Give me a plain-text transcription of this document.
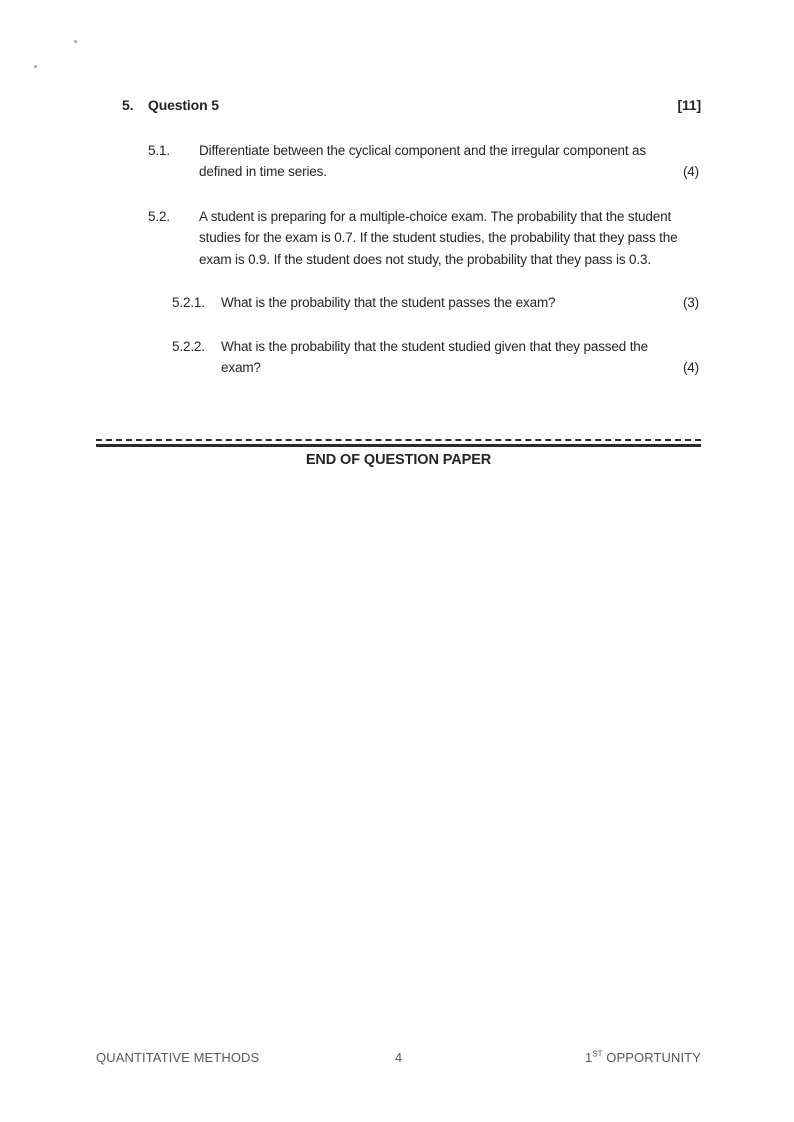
5.	Question 5	[11]
5.1.	Differentiate between the cyclical component and the irregular component as
defined in time series.	(4)
5.2.	A student is preparing for a multiple-choice exam. The probability that the student
studies for the exam is 0.7. If the student studies, the probability that they pass the
exam is 0.9. If the student does not study, the probability that they pass is 0.3.
5.2.1.	What is the probability that the student passes the exam?	(3)
5.2.2.	What is the probability that the student studied given that they passed the
exam?	(4)
END OF QUESTION PAPER
QUANTITATIVE METHODS	4	1ST OPPORTUNITY
